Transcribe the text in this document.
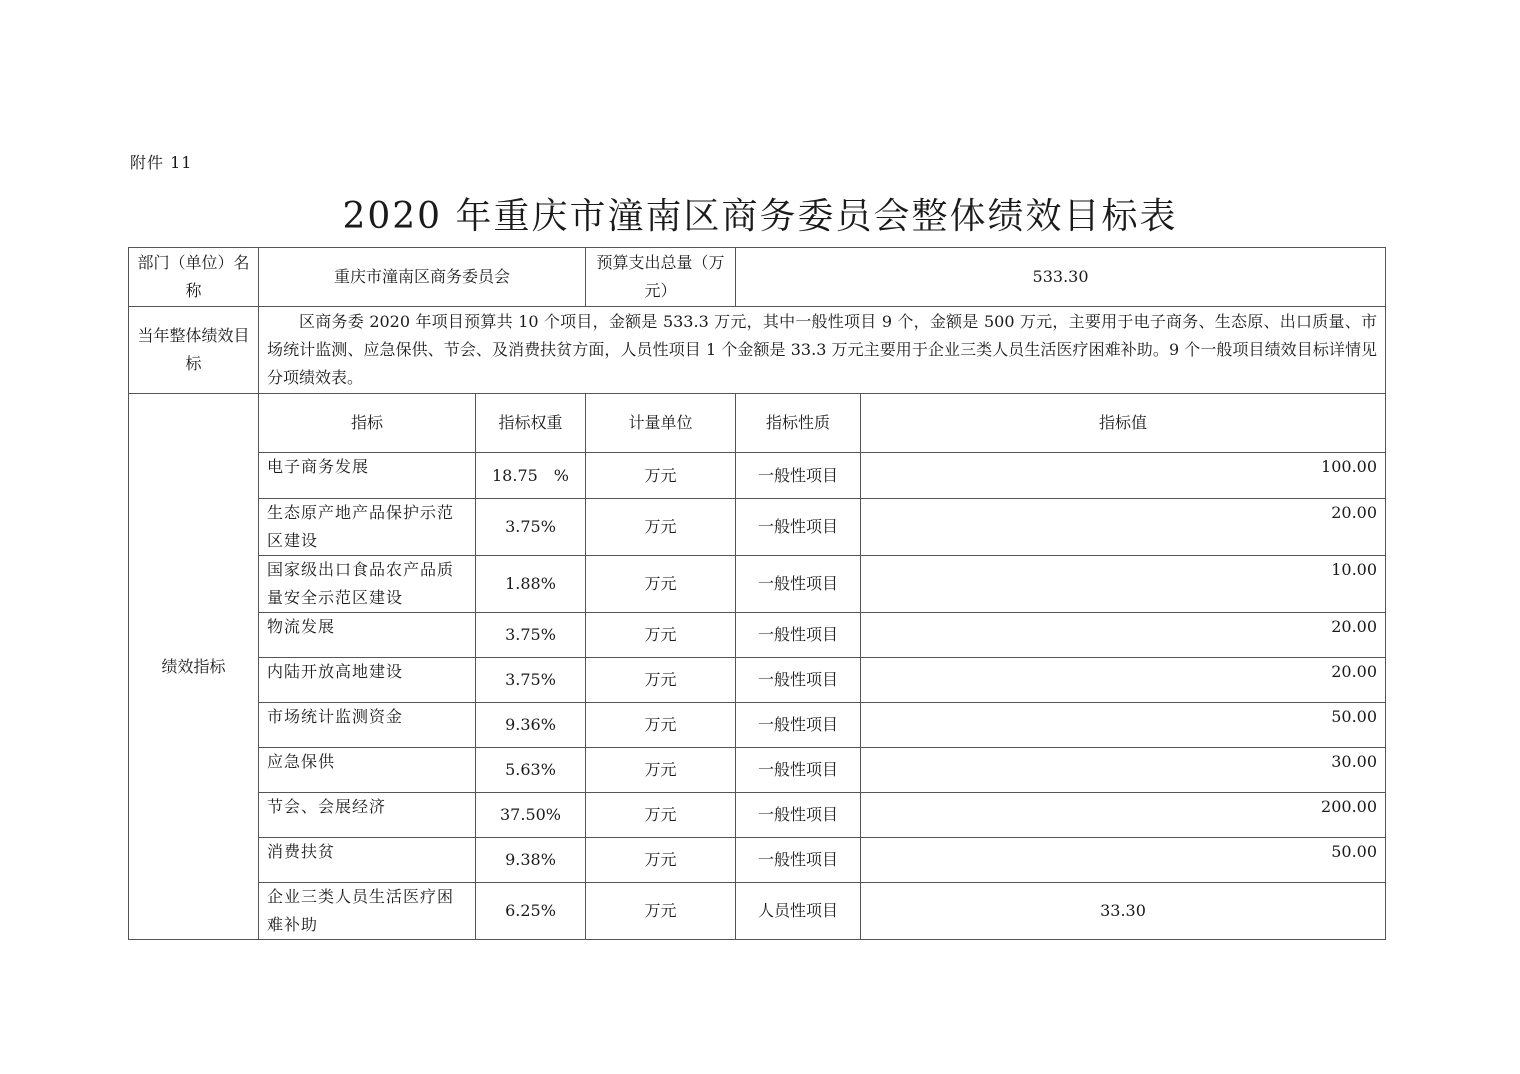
附件 11
2020 年重庆市潼南区商务委员会整体绩效目标表
部门（单位）名称	重庆市潼南区商务委员会		预算支出总量（万元）	533.30	
当年整体绩效目标	区商务委 2020 年项目预算共 10 个项目，金额是 533.3 万元，其中一般性项目 9 个，金额是 500 万元，主要用于电子商务、生态原、出口质量、市场统计监测、应急保供、节会、及消费扶贫方面，人员性项目 1 个金额是 33.3 万元主要用于企业三类人员生活医疗困难补助。9 个一般项目绩效目标详情见分项绩效表。				
绩效指标	指标	指标权重	计量单位	指标性质	指标值
	电子商务发展	18.75　%	万元	一般性项目	100.00
	生态原产地产品保护示范区建设	3.75%	万元	一般性项目	20.00
	国家级出口食品农产品质量安全示范区建设	1.88%	万元	一般性项目	10.00
	物流发展	3.75%	万元	一般性项目	20.00
	内陆开放高地建设	3.75%	万元	一般性项目	20.00
	市场统计监测资金	9.36%	万元	一般性项目	50.00
	应急保供	5.63%	万元	一般性项目	30.00
	节会、会展经济	37.50%	万元	一般性项目	200.00
	消费扶贫	9.38%	万元	一般性项目	50.00
	企业三类人员生活医疗困难补助	6.25%	万元	人员性项目	33.30
